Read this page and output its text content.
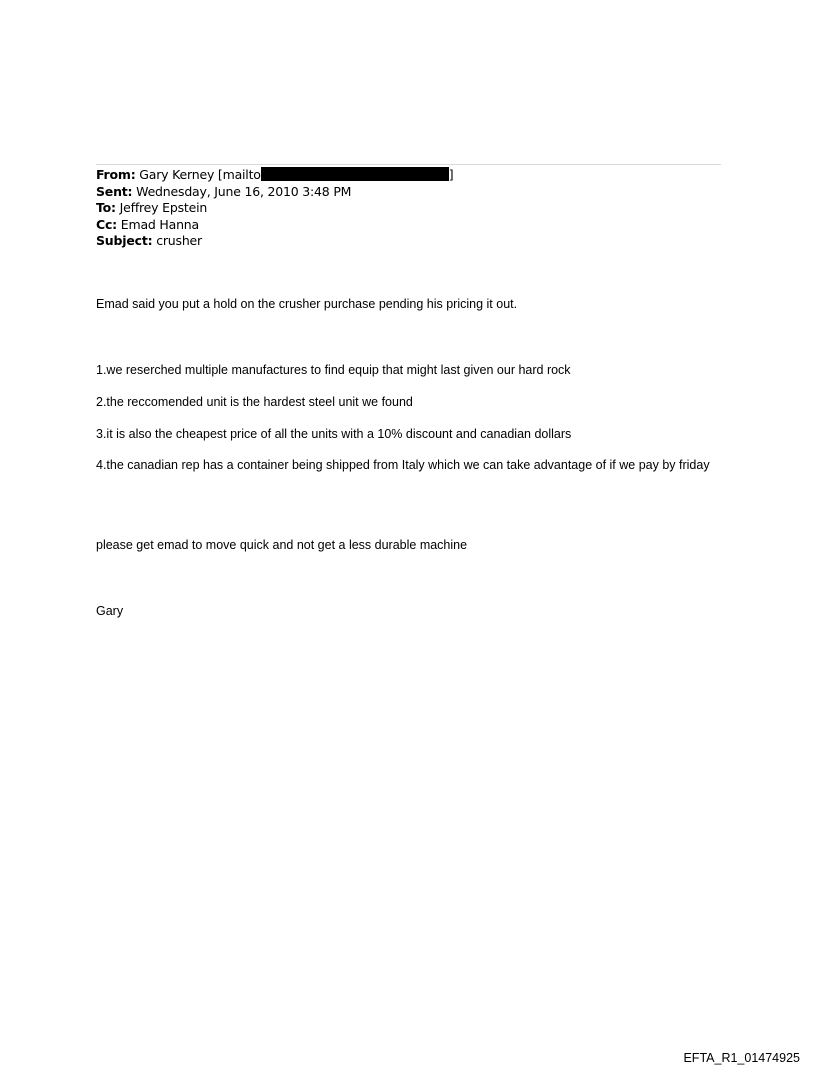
From: Gary Kerney [mailto	]
Sent: Wednesday, June 16, 2010 3:48 PM
To: Jeffrey Epstein
Cc: Emad Hanna
Subject: crusher
Emad said you put a hold on the crusher purchase pending his pricing it out.
1.we reserched multiple manufactures to find equip that might last given our hard rock
2.the reccomended unit is the hardest steel unit we found
3.it is also the cheapest price of all the units with a 10% discount and canadian dollars
4.the canadian rep has a container being shipped from Italy which we can take advantage of if we pay by friday
please get emad to move quick and not get a less durable machine
Gary
EFTA_R1_01474925
